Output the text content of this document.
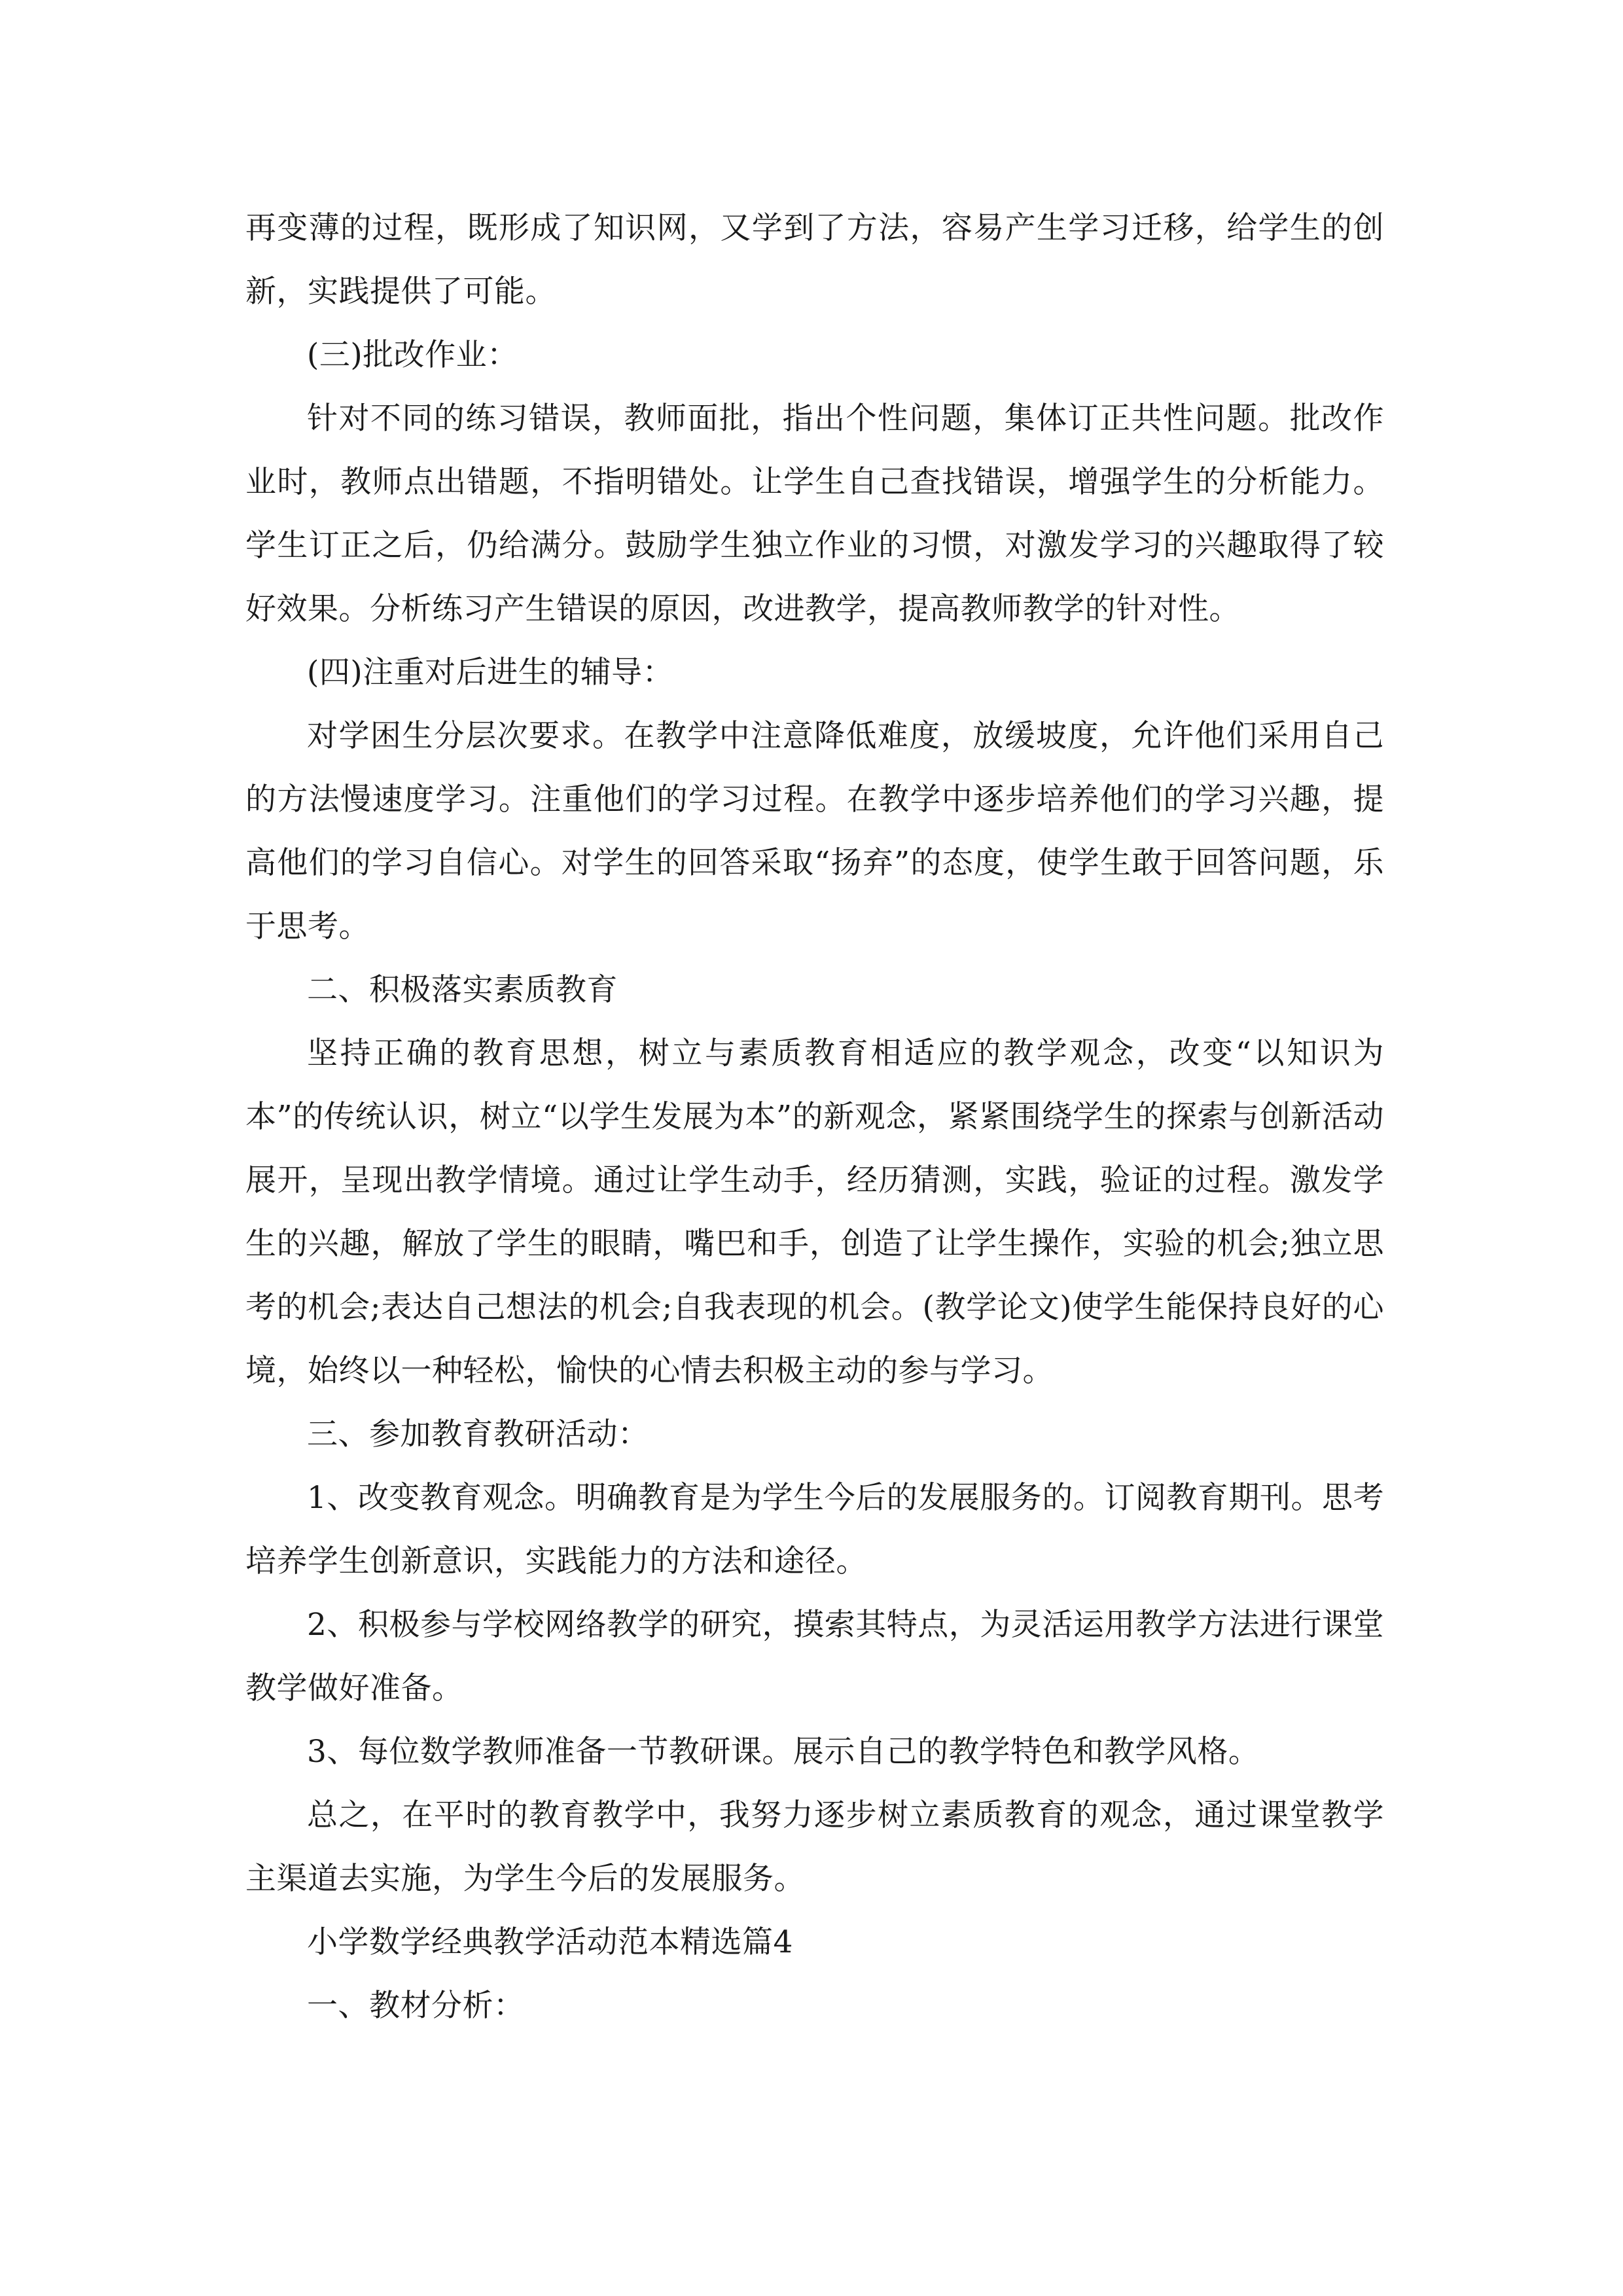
再变薄的过程，既形成了知识网，又学到了方法，容易产生学习迁移，给学生的创新，实践提供了可能。

(三)批改作业：

针对不同的练习错误，教师面批，指出个性问题，集体订正共性问题。批改作业时，教师点出错题，不指明错处。让学生自己查找错误，增强学生的分析能力。学生订正之后，仍给满分。鼓励学生独立作业的习惯，对激发学习的兴趣取得了较好效果。分析练习产生错误的原因，改进教学，提高教师教学的针对性。

(四)注重对后进生的辅导：

对学困生分层次要求。在教学中注意降低难度，放缓坡度，允许他们采用自己的方法慢速度学习。注重他们的学习过程。在教学中逐步培养他们的学习兴趣，提高他们的学习自信心。对学生的回答采取“扬弃”的态度，使学生敢于回答问题，乐于思考。

二、积极落实素质教育

坚持正确的教育思想，树立与素质教育相适应的教学观念，改变“以知识为本”的传统认识，树立“以学生发展为本”的新观念，紧紧围绕学生的探索与创新活动展开，呈现出教学情境。通过让学生动手，经历猜测，实践，验证的过程。激发学生的兴趣，解放了学生的眼睛，嘴巴和手，创造了让学生操作，实验的机会;独立思考的机会;表达自己想法的机会;自我表现的机会。(教学论文)使学生能保持良好的心境，始终以一种轻松，愉快的心情去积极主动的参与学习。

三、参加教育教研活动：

1、改变教育观念。明确教育是为学生今后的发展服务的。订阅教育期刊。思考培养学生创新意识，实践能力的方法和途径。

2、积极参与学校网络教学的研究，摸索其特点，为灵活运用教学方法进行课堂教学做好准备。

3、每位数学教师准备一节教研课。展示自己的教学特色和教学风格。

总之，在平时的教育教学中，我努力逐步树立素质教育的观念，通过课堂教学主渠道去实施，为学生今后的发展服务。

小学数学经典教学活动范本精选篇4

一、教材分析：
